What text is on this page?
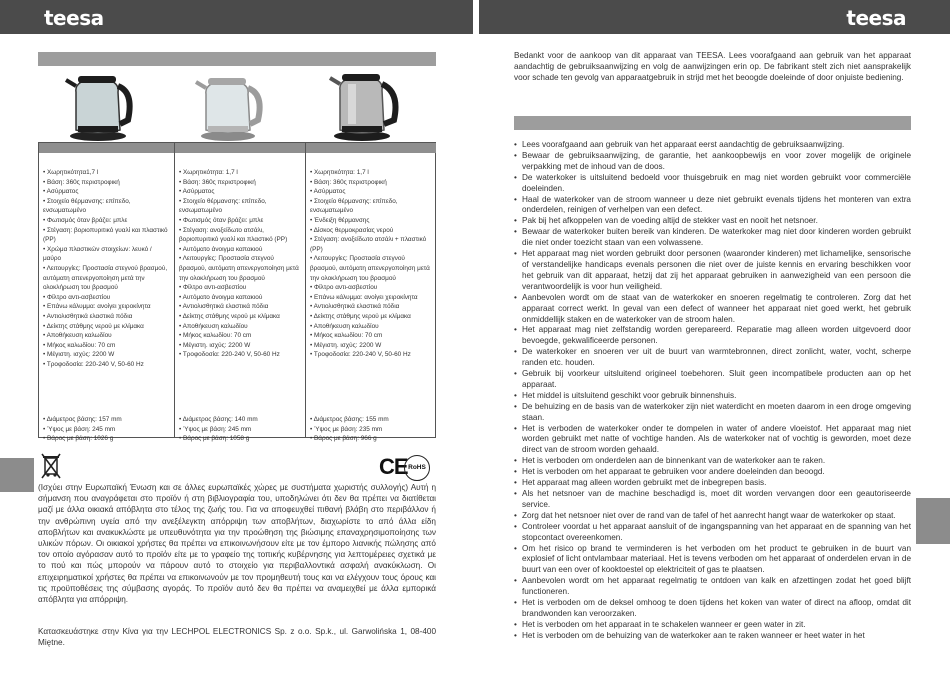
teesa	teesa
• Χωρητικότητα1,7 l
• Βάση: 360ς περιστροφική
• Ασύρματος
• Στοιχείο θέρμανσης: επίπεδο, ενσωματωμένο
• Φωτισμός όταν βράζει: μπλε
• Στέγαση: βοριοπυριτικό γυαλί και πλαστικό (PP)
• Χρώμα πλαστικών στοιχείων: λευκό / μαύρο
• Λειτουργίες: Προστασία στεγνού βρασμού, αυτόματη απενεργοποίηση μετά την ολοκλήρωση του βρασμού
• Φίλτρο αντι-ασβεστίου
• Επάνω κάλυμμα: ανοίγει χειροκίνητα
• Αντιολισθητικά ελαστικά πόδια
• Δείκτης στάθμης νερού με κλίμακα
• Αποθήκευση καλωδίου
• Μήκος καλωδίου: 70 cm
• Μέγιστη. ισχύς: 2200 W
• Τροφοδοσία: 220-240 V, 50-60 Hz
• Διάμετρος βάσης: 157 mm
• Ύψος με βάση: 245 mm
• Βάρος με βάση: 1026 g
• Χωρητικότητα: 1,7 l
• Βάση: 360ς περιστροφική
• Ασύρματος
• Στοιχείο θέρμανσης: επίπεδο, ενσωματωμένο
• Φωτισμός όταν βράζει: μπλε
• Στέγαση: ανοξείδωτο ατσάλι, βοριοπυριτικό γυαλί και πλαστικό (PP)
• Αυτόματο άνοιγμα καπακιού
• Λειτουργίες: Προστασία στεγνού βρασμού, αυτόματη απενεργοποίηση μετά την ολοκλήρωση του βρασμού
• Φίλτρο αντι-ασβεστίου
• Αυτόματο άνοιγμα καπακιού
• Αντιολισθητικά ελαστικά πόδια
• Δείκτης στάθμης νερού με κλίμακα
• Αποθήκευση καλωδίου
• Μήκος καλωδίου: 70 cm
• Μέγιστη. ισχύς: 2200 W
• Τροφοδοσία: 220-240 V, 50-60 Hz
• Διάμετρος βάσης: 140 mm
• Ύψος με βάση: 245 mm
• Βάρος με βάση: 1058 g
• Χωρητικότητα: 1,7 l
• Βάση: 360ς περιστροφική
• Ασύρματος
• Στοιχείο θέρμανσης: επίπεδο, ενσωματωμένο
• Ένδειξη θέρμανσης
• Δίσκος θερμοκρασίας νερού
• Στέγαση: ανοξείδωτο ατσάλι + πλαστικό (PP)
• Λειτουργίες: Προστασία στεγνού βρασμού, αυτόματη απενεργοποίηση μετά την ολοκλήρωση του βρασμού
• Φίλτρο αντι-ασβεστίου
• Επάνω κάλυμμα: ανοίγει χειροκίνητα
• Αντιολισθητικά ελαστικά πόδια
• Δείκτης στάθμης νερού με κλίμακα
• Αποθήκευση καλωδίου
• Μήκος καλωδίου: 70 cm
• Μέγιστη. ισχύς: 2200 W
• Τροφοδοσία: 220-240 V, 50-60 Hz
• Διάμετρος βάσης: 155 mm
• Ύψος με βάση: 235 mm
• Βάρος με βάση: 966 g
CE RoHS

(Ισχύει στην Ευρωπαϊκή Ένωση και σε άλλες ευρωπαϊκές χώρες με συστήματα χωριστής συλλογής) Αυτή η σήμανση που αναγράφεται στο προϊόν ή στη βιβλιογραφία του, υποδηλώνει ότι δεν θα πρέπει να διατίθεται μαζί με άλλα οικιακά απόβλητα στο τέλος της ζωής του. Για να αποφευχθεί πιθανή βλάβη στο περιβάλλον ή την ανθρώπινη υγεία από την ανεξέλεγκτη απόρριψη των αποβλήτων, διαχωρίστε το από άλλα είδη αποβλήτων και ανακυκλώστε με υπευθυνότητα για την προώθηση της βιώσιμης επαναχρησιμοποίησης των υλικών πόρων. Οι οικιακοί χρήστες θα πρέπει να επικοινωνήσουν είτε με τον έμπορο λιανικής πώλησης από τον οποίο αγόρασαν αυτό το προϊόν είτε με το γραφείο της τοπικής κυβέρνησης για λεπτομέρειες σχετικά με το πού και πώς μπορούν να πάρουν αυτό το στοιχείο για περιβαλλοντικά ασφαλή ανακύκλωση. Οι επιχειρηματικοί χρήστες θα πρέπει να επικοινωνούν με τον προμηθευτή τους και να ελέγχουν τους όρους και τις προϋποθέσεις της σύμβασης αγοράς. Το προϊόν αυτό δεν θα πρέπει να αναμειχθεί με άλλα εμπορικά απόβλητα για απόρριψη.

Κατασκευάστηκε στην Κίνα για την LECHPOL ELECTRONICS Sp. z o.o. Sp.k., ul. Garwolińska 1, 08-400 Miętne.

Bedankt voor de aankoop van dit apparaat van TEESA. Lees voorafgaand aan gebruik van het apparaat aandachtig de gebruiksaanwijzing en volg de aanwijzingen erin op. De fabrikant stelt zich niet aansprakelijk voor schade ten gevolg van apparaatgebruik in strijd met het beoogde doeleinde of door onjuiste bediening.

• Lees voorafgaand aan gebruik van het apparaat eerst aandachtig de gebruiksaanwijzing.
• Bewaar de gebruiksaanwijzing, de garantie, het aankoopbewijs en voor zover mogelijk de originele verpakking met de inhoud van de doos.
• De waterkoker is uitsluitend bedoeld voor thuisgebruik en mag niet worden gebruikt voor commerciële doeleinden.
• Haal de waterkoker van de stroom wanneer u deze niet gebruikt evenals tijdens het monteren van extra onderdelen, reinigen of verhelpen van een defect.
• Pak bij het afkoppelen van de voeding altijd de stekker vast en nooit het netsnoer.
• Bewaar de waterkoker buiten bereik van kinderen. De waterkoker mag niet door kinderen worden gebruikt die niet onder toezicht staan van een volwassene.
• Het apparaat mag niet worden gebruikt door personen (waaronder kinderen) met lichamelijke, sensorische of verstandelijke handicaps evenals personen die niet over de juiste kennis en ervaring beschikken voor het gebruik van dit apparaat, hetzij dat zij het apparaat gebruiken in aanwezigheid van een persoon die verantwoordelijk is voor hun veiligheid.
• Aanbevolen wordt om de staat van de waterkoker en snoeren regelmatig te controleren. Zorg dat het apparaat correct werkt. In geval van een defect of wanneer het apparaat niet goed werkt, het gebruik onmiddellijk staken en de waterkoker van de stroom halen.
• Het apparaat mag niet zelfstandig worden gerepareerd. Reparatie mag alleen worden uitgevoerd door bevoegde, gekwalificeerde personen.
• De waterkoker en snoeren ver uit de buurt van warmtebronnen, direct zonlicht, water, vocht, scherpe randen etc. houden.
• Gebruik bij voorkeur uitsluitend origineel toebehoren. Sluit geen incompatibele producten aan op het apparaat.
• Het middel is uitsluitend geschikt voor gebruik binnenshuis.
• De behuizing en de basis van de waterkoker zijn niet waterdicht en moeten daarom in een droge omgeving staan.
• Het is verboden de waterkoker onder te dompelen in water of andere vloeistof. Het apparaat mag niet worden gebruikt met natte of vochtige handen. Als de waterkoker nat of vochtig is geworden, moet deze direct van de stroom worden gehaald.
• Het is verboden om onderdelen aan de binnenkant van de waterkoker aan te raken.
• Het is verboden om het apparaat te gebruiken voor andere doeleinden dan beoogd.
• Het apparaat mag alleen worden gebruikt met de inbegrepen basis.
• Als het netsnoer van de machine beschadigd is, moet dit worden vervangen door een geautoriseerde service.
• Zorg dat het netsnoer niet over de rand van de tafel of het aanrecht hangt waar de waterkoker op staat.
• Controleer voordat u het apparaat aansluit of de ingangspanning van het apparaat en de spanning van het stopcontact overeenkomen.
• Om het risico op brand te verminderen is het verboden om het product te gebruiken in de buurt van explosief of licht ontvlambaar materiaal. Het is tevens verboden om het apparaat of onderdelen ervan in de buurt van een over of kooktoestel op elektriciteit of gas te plaatsen.
• Aanbevolen wordt om het apparaat regelmatig te ontdoen van kalk en afzettingen zodat het goed blijft functioneren.
• Het is verboden om de deksel omhoog te doen tijdens het koken van water of direct na afloop, omdat dit brandwonden kan veroorzaken.
• Het is verboden om het apparaat in te schakelen wanneer er geen water in zit.
• Het is verboden om de behuizing van de waterkoker aan te raken wanneer er heet water in het
